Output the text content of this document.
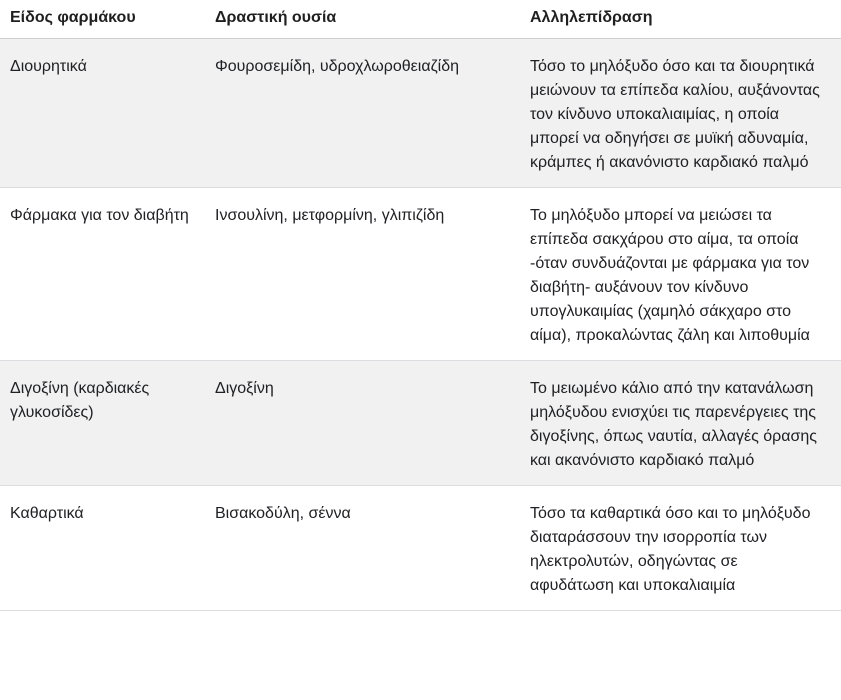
Είδος φαρμάκου	Δραστική ουσία	Αλληλεπίδραση
Διουρητικά	Φουροσεμίδη, υδροχλωροθειαζίδη	Τόσο το μηλόξυδο όσο και τα διουρητικά μειώνουν τα επίπεδα καλίου, αυξάνοντας τον κίνδυνο υποκαλιαιμίας, η οποία μπορεί να οδηγήσει σε μυϊκή αδυναμία, κράμπες ή ακανόνιστο καρδιακό παλμό
Φάρμακα για τον διαβήτη	Ινσουλίνη, μετφορμίνη, γλιπιζίδη	Το μηλόξυδο μπορεί να μειώσει τα επίπεδα σακχάρου στο αίμα, τα οποία -όταν συνδυάζονται με φάρμακα για τον διαβήτη- αυξάνουν τον κίνδυνο υπογλυκαιμίας (χαμηλό σάκχαρο στο αίμα), προκαλώντας ζάλη και λιποθυμία
Διγοξίνη (καρδιακές γλυκοσίδες)	Διγοξίνη	Το μειωμένο κάλιο από την κατανάλωση μηλόξυδου ενισχύει τις παρενέργειες της διγοξίνης, όπως ναυτία, αλλαγές όρασης και ακανόνιστο καρδιακό παλμό
Καθαρτικά	Βισακοδύλη, σέννα	Τόσο τα καθαρτικά όσο και το μηλόξυδο διαταράσσουν την ισορροπία των ηλεκτρολυτών, οδηγώντας σε αφυδάτωση και υποκαλιαιμία
